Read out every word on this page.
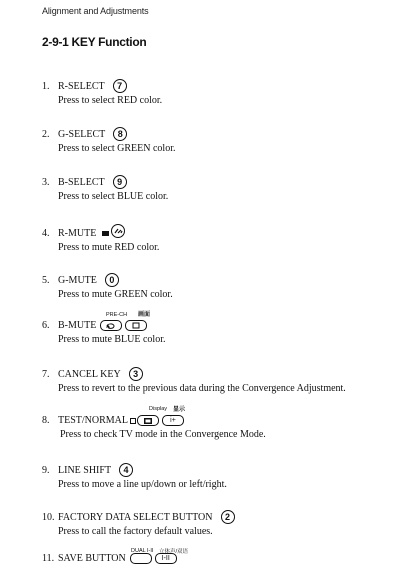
Alignment and Adjustments
2-9-1 KEY Function
1. R-SELECT 7
Press to select RED color.
2. G-SELECT 8
Press to select GREEN color.
3. B-SELECT 9
Press to select BLUE color.
4. R-MUTE
Press to mute RED color.
5. G-MUTE 0
Press to mute GREEN color.
PRE-CH 画面
6. B-MUTE
Press to mute BLUE color.
7. CANCEL KEY 3
Press to revert to the previous data during the Convergence Adjustment.
Display 显示
8. TEST/NORMAL	i+
Press to check TV mode in the Convergence Mode.
9. LINE SHIFT 4
Press to move a line up/down or left/right.
10. FACTORY DATA SELECT BUTTON 2
Press to call the factory default values.
DUAL I-II 立体声/双语
11. SAVE BUTTON	I-II
